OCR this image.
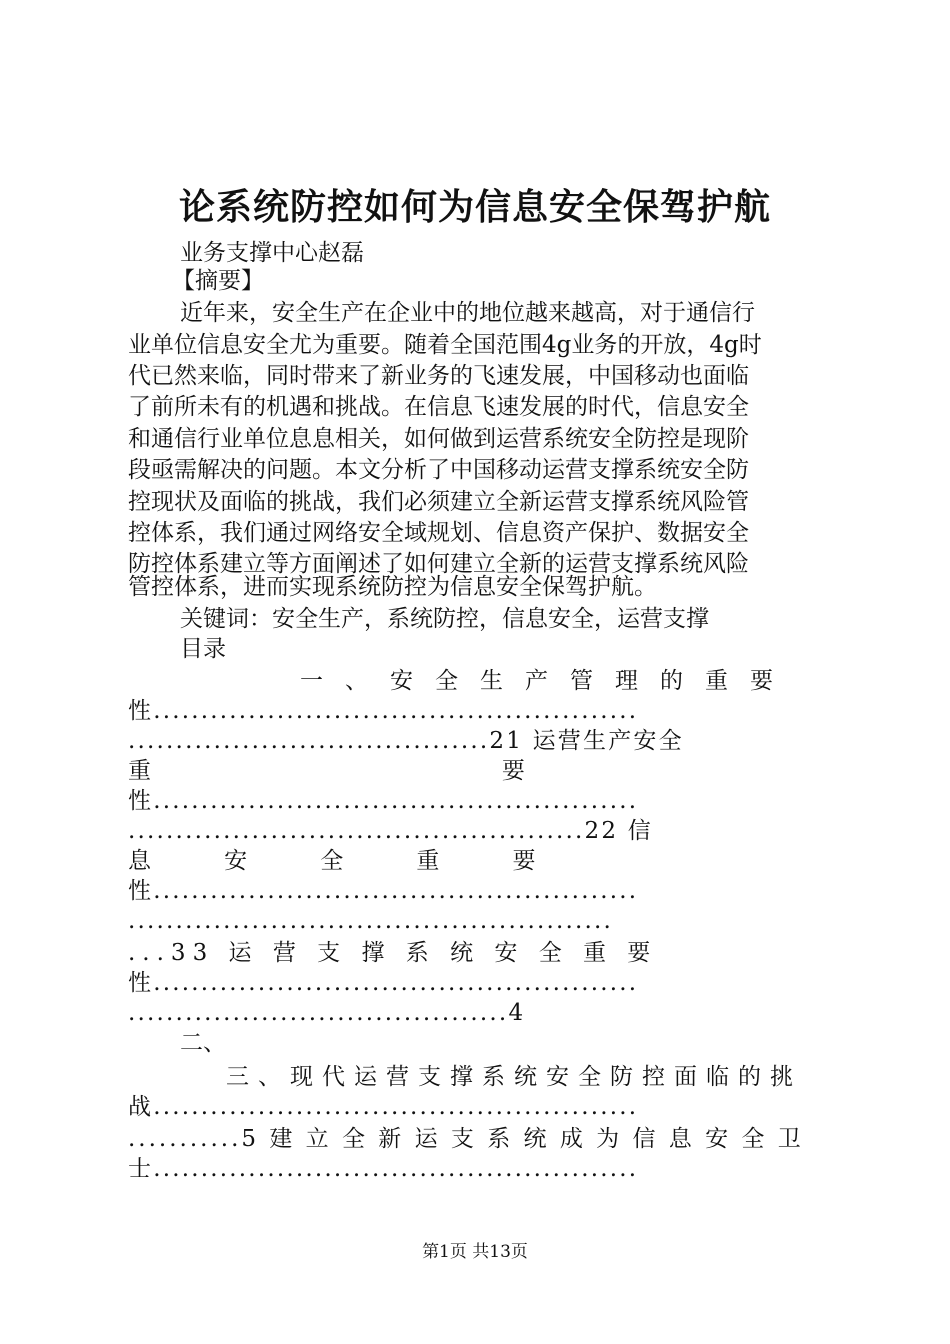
论系统防控如何为信息安全保驾护航
业务支撑中心赵磊
【摘要】
近年来，安全生产在企业中的地位越来越高，对于通信行
业单位信息安全尤为重要。随着全国范围4g业务的开放，4g时
代已然来临，同时带来了新业务的飞速发展，中国移动也面临
了前所未有的机遇和挑战。在信息飞速发展的时代，信息安全
和通信行业单位息息相关，如何做到运营系统安全防控是现阶
段亟需解决的问题。本文分析了中国移动运营支撑系统安全防
控现状及面临的挑战，我们必须建立全新运营支撑系统风险管
控体系，我们通过网络安全域规划、信息资产保护、数据安全
防控体系建立等方面阐述了如何建立全新的运营支撑系统风险
管控体系，进而实现系统防控为信息安全保驾护航。
关键词：安全生产，系统防控，信息安全，运营支撑
目录
一、安全生产管理的重要
性...................................................
......................................21 运营生产安全
重                                                要
性...................................................
................................................22 信
息          安          全          重          要
性...................................................
...................................................
...33 运 营 支 撑 系 统 安 全 重 要
性...................................................
........................................4
二、
三、现代运营支撑系统安全防控面临的挑
战...................................................
...........5 建 立 全 新 运 支 系 统 成 为 信 息 安 全 卫
士...................................................
第1页 共13页
